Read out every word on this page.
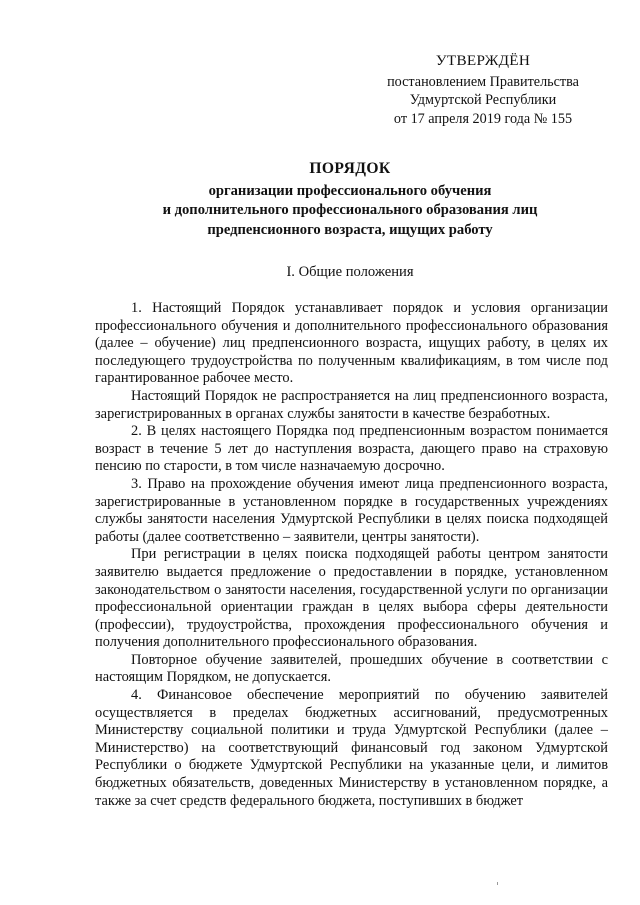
УТВЕРЖДЁН
постановлением Правительства
Удмуртской Республики
от 17 апреля 2019 года № 155
ПОРЯДОК
организации профессионального обучения
и дополнительного профессионального образования лиц
предпенсионного возраста, ищущих работу
I. Общие положения

1. Настоящий Порядок устанавливает порядок и условия организации профессионального обучения и дополнительного профессионального образования (далее – обучение) лиц предпенсионного возраста, ищущих работу, в целях их последующего трудоустройства по полученным квалификациям, в том числе под гарантированное рабочее место.

Настоящий Порядок не распространяется на лиц предпенсионного возраста, зарегистрированных в органах службы занятости в качестве безработных.

2. В целях настоящего Порядка под предпенсионным возрастом понимается возраст в течение 5 лет до наступления возраста, дающего право на страховую пенсию по старости, в том числе назначаемую досрочно.

3. Право на прохождение обучения имеют лица предпенсионного возраста, зарегистрированные в установленном порядке в государственных учреждениях службы занятости населения Удмуртской Республики в целях поиска подходящей работы (далее соответственно – заявители, центры занятости).

При регистрации в целях поиска подходящей работы центром занятости заявителю выдается предложение о предоставлении в порядке, установленном законодательством о занятости населения, государственной услуги по организации профессиональной ориентации граждан в целях выбора сферы деятельности (профессии), трудоустройства, прохождения профессионального обучения и получения дополнительного профессионального образования.

Повторное обучение заявителей, прошедших обучение в соответствии с настоящим Порядком, не допускается.

4. Финансовое обеспечение мероприятий по обучению заявителей осуществляется в пределах бюджетных ассигнований, предусмотренных Министерству социальной политики и труда Удмуртской Республики (далее – Министерство) на соответствующий финансовый год законом Удмуртской Республики о бюджете Удмуртской Республики на указанные цели, и лимитов бюджетных обязательств, доведенных Министерству в установленном порядке, а также за счет средств федерального бюджета, поступивших в бюджет
